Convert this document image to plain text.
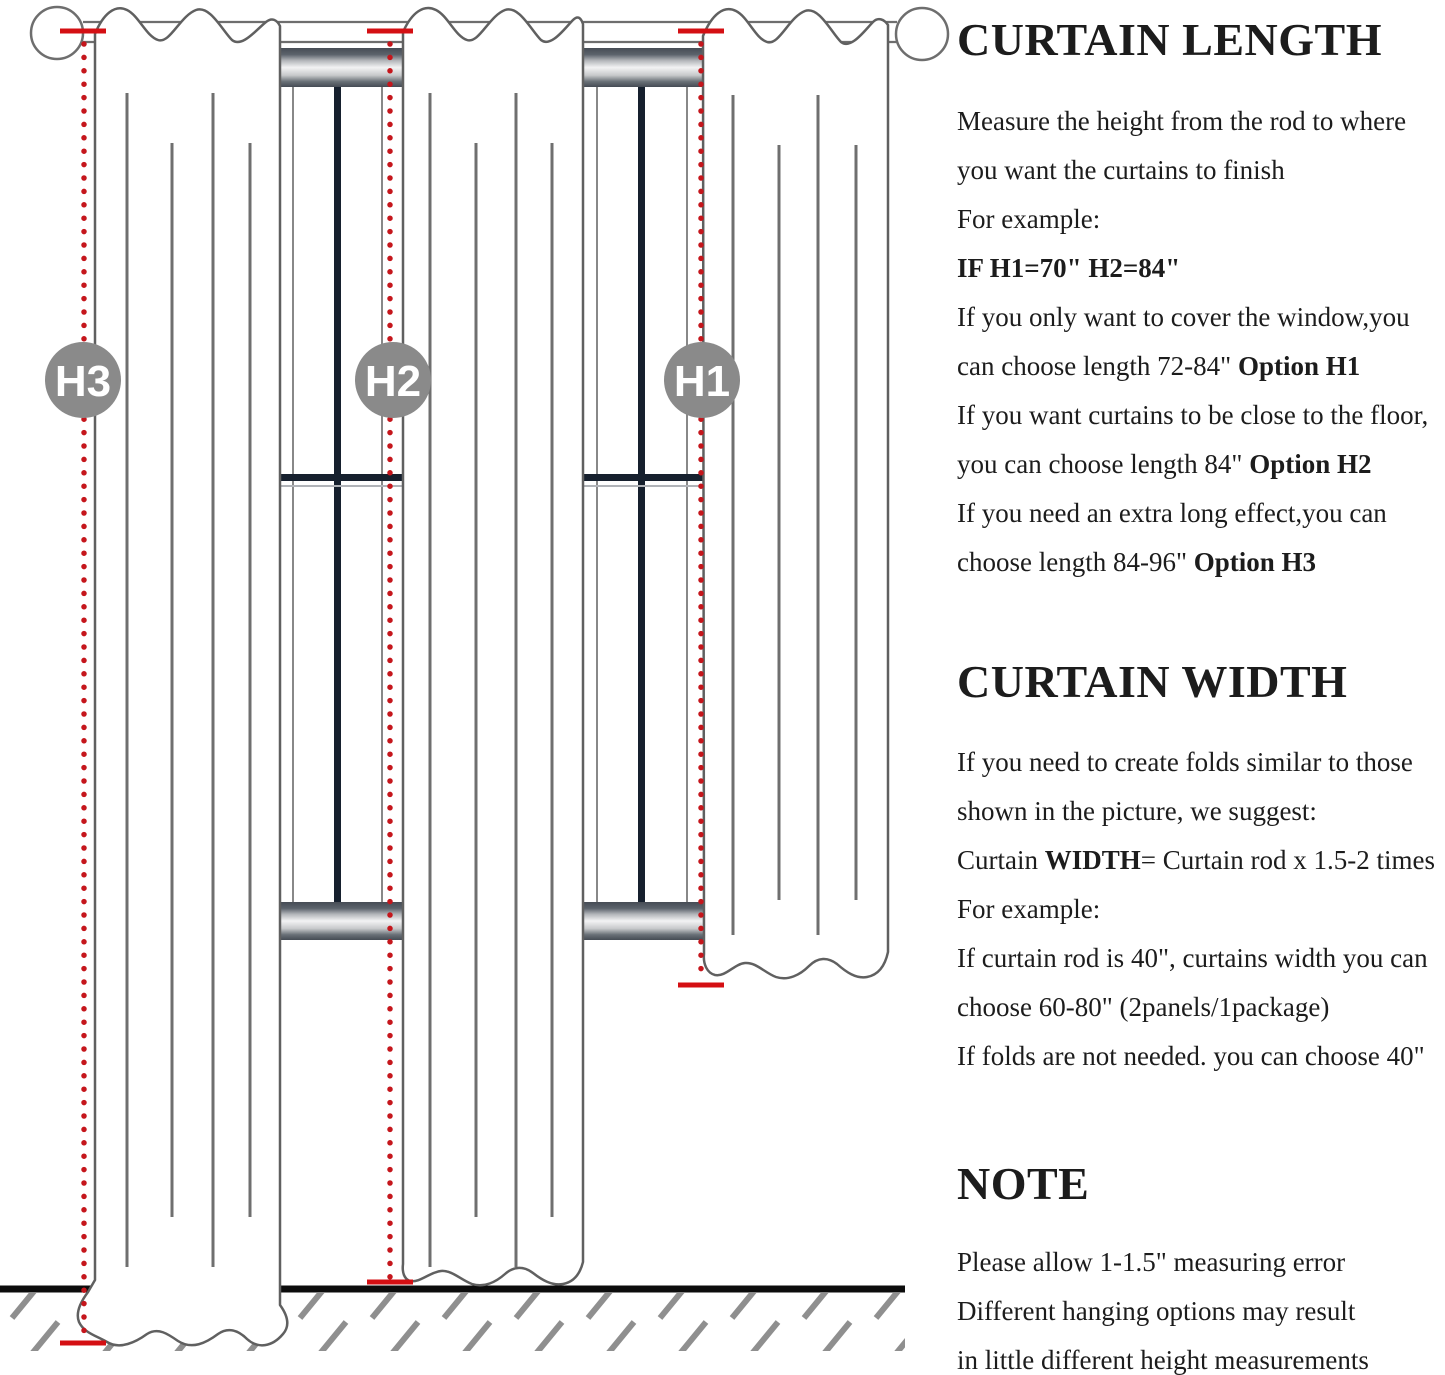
H3	H2	H1
CURTAIN LENGTH

Measure the height from the rod to where

you want the curtains to finish

For example:

IF H1=70" H2=84"

If you only want to cover the window,you

can choose length 72-84" Option H1

If you want curtains to be close to the floor,

you can choose length 84" Option H2

If you need an extra long effect,you can

choose length 84-96" Option H3

CURTAIN WIDTH

If you need to create folds similar to those

shown in the picture, we suggest:

Curtain WIDTH= Curtain rod x 1.5-2 times

For example:

If curtain rod is 40", curtains width you can

choose 60-80" (2panels/1package)

If folds are not needed. you can choose 40"

NOTE

Please allow 1-1.5" measuring error

Different hanging options may result

in little different height measurements
